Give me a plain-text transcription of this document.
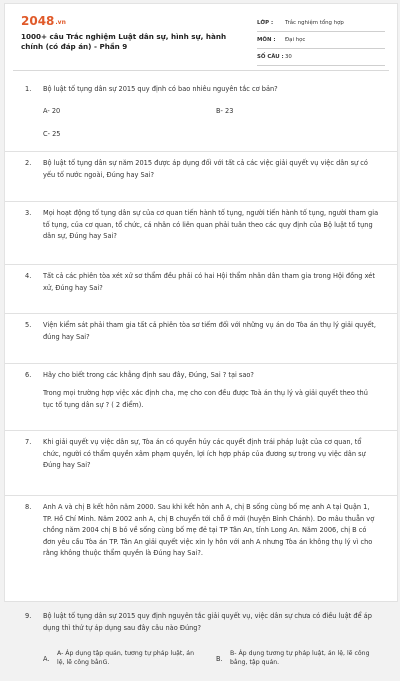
2048.vn
1000+ câu Trắc nghiệm Luật dân sự, hình sự, hành chính (có đáp án) - Phần 9
LỚP :	Trắc nghiệm tổng hợp
MÔN :	Đại học
SỐ CÂU : 30
1. Bộ luật tố tụng dân sự 2015 quy định có bao nhiêu nguyên tắc cơ bản?
A- 20	B- 23
C- 25
2. Bộ luật tố tụng dân sự năm 2015 được áp dụng đối với tất cả các việc giải quyết vụ việc dân sự có yếu tố nước ngoài, Đúng hay Sai?
3. Mọi hoạt động tố tụng dân sự của cơ quan tiến hành tố tụng, người tiến hành tố tụng, người tham gia tố tụng, của cơ quan, tổ chức, cá nhân có liên quan phải tuân theo các quy định của Bộ luật tố tụng dân sự, Đúng hay Sai?
4. Tất cả các phiên tòa xét xử sơ thẩm đều phải có hai Hội thẩm nhân dân tham gia trong Hội đồng xét xử, Đúng hay Sai?
5. Viện kiểm sát phải tham gia tất cả phiên tòa sơ tiếm đối với những vụ án do Tòa án thụ lý giải quyết, đúng hay Sai?
6. Hãy cho biết trong các khẳng định sau đây, Đúng, Sai ? tại sao?
Trong mọi trường hợp việc xác định cha, mẹ cho con đều được Toà án thụ lý và giải quyết theo thủ tục tố tụng dân sự ? ( 2 điểm).
7. Khi giải quyết vụ việc dân sự, Tòa án có quyền hủy các quyết định trái pháp luật của cơ quan, tổ chức, người có thẩm quyền xâm phạm quyền, lợi ích hợp pháp của đương sự trong vụ việc dân sự Đúng hay Sai?
8. Anh A và chị B kết hôn năm 2000. Sau khi kết hôn anh A, chị B sống cùng bố mẹ anh A tại Quận 1, TP. Hồ Chí Minh. Năm 2002 anh A, chị B chuyển tới chỗ ở mới (huyện Bình Chánh). Do mâu thuẫn vợ chồng năm 2004 chị B bỏ về sống cùng bố mẹ đẻ tại TP Tân An, tỉnh Long An. Năm 2006, chị B có đơn yêu cầu Tòa án TP. Tân An giải quyết việc xin ly hôn với anh A nhưng Tòa án không thụ lý vì cho rằng không thuộc thẩm quyền là Đúng hay Sai?.
9. Bộ luật tố tụng dân sự 2015 quy định nguyên tắc giải quyết vụ, việc dân sự chưa có điều luật để áp dụng thì thứ tự áp dụng sau đây câu nào Đúng?
A.
A- Áp dụng tập quán, tương tự pháp luật, án lệ, lẽ công bằnG.	B.
B- Áp dụng tương tự pháp luật, án lệ, lẽ công bằng, tập quán.
